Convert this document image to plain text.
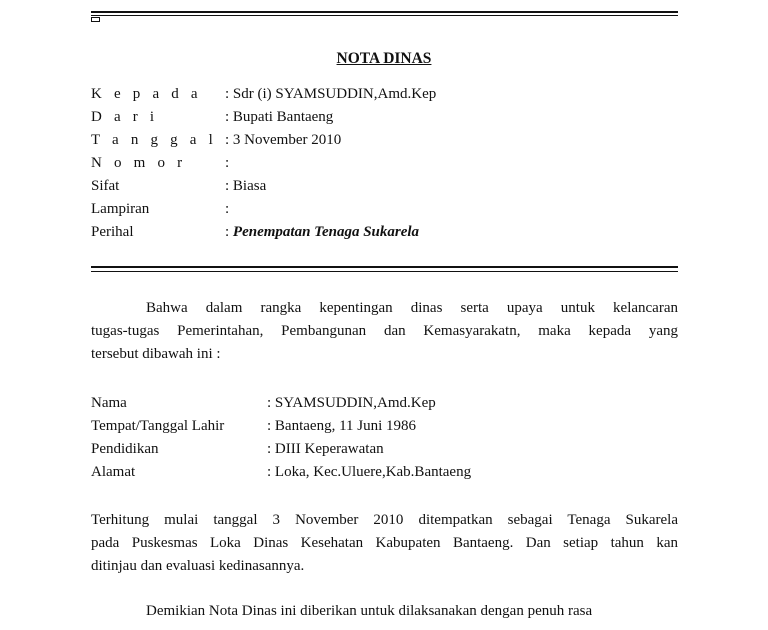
NOTA DINAS
K e p a d a : Sdr (i) SYAMSUDDIN,Amd.Kep
D a r i	: Bupati Bantaeng
T a n g g a l : 3 November 2010
N o m o r	:
Sifat	: Biasa
Lampiran	:
Perihal	: Penempatan Tenaga Sukarela
Bahwa dalam rangka kepentingan dinas serta upaya untuk kelancaran
tugas-tugas Pemerintahan, Pembangunan dan Kemasyarakatn, maka kepada yang
tersebut dibawah ini :
Nama	: SYAMSUDDIN,Amd.Kep
Tempat/Tanggal Lahir	: Bantaeng, 11 Juni 1986
Pendidikan	: DIII Keperawatan
Alamat	: Loka, Kec.Uluere,Kab.Bantaeng
Terhitung mulai tanggal 3 November 2010 ditempatkan sebagai Tenaga Sukarela
pada Puskesmas Loka Dinas Kesehatan Kabupaten Bantaeng. Dan setiap tahun kan
ditinjau dan evaluasi kedinasannya.
Demikian Nota Dinas ini diberikan untuk dilaksanakan dengan penuh rasa
